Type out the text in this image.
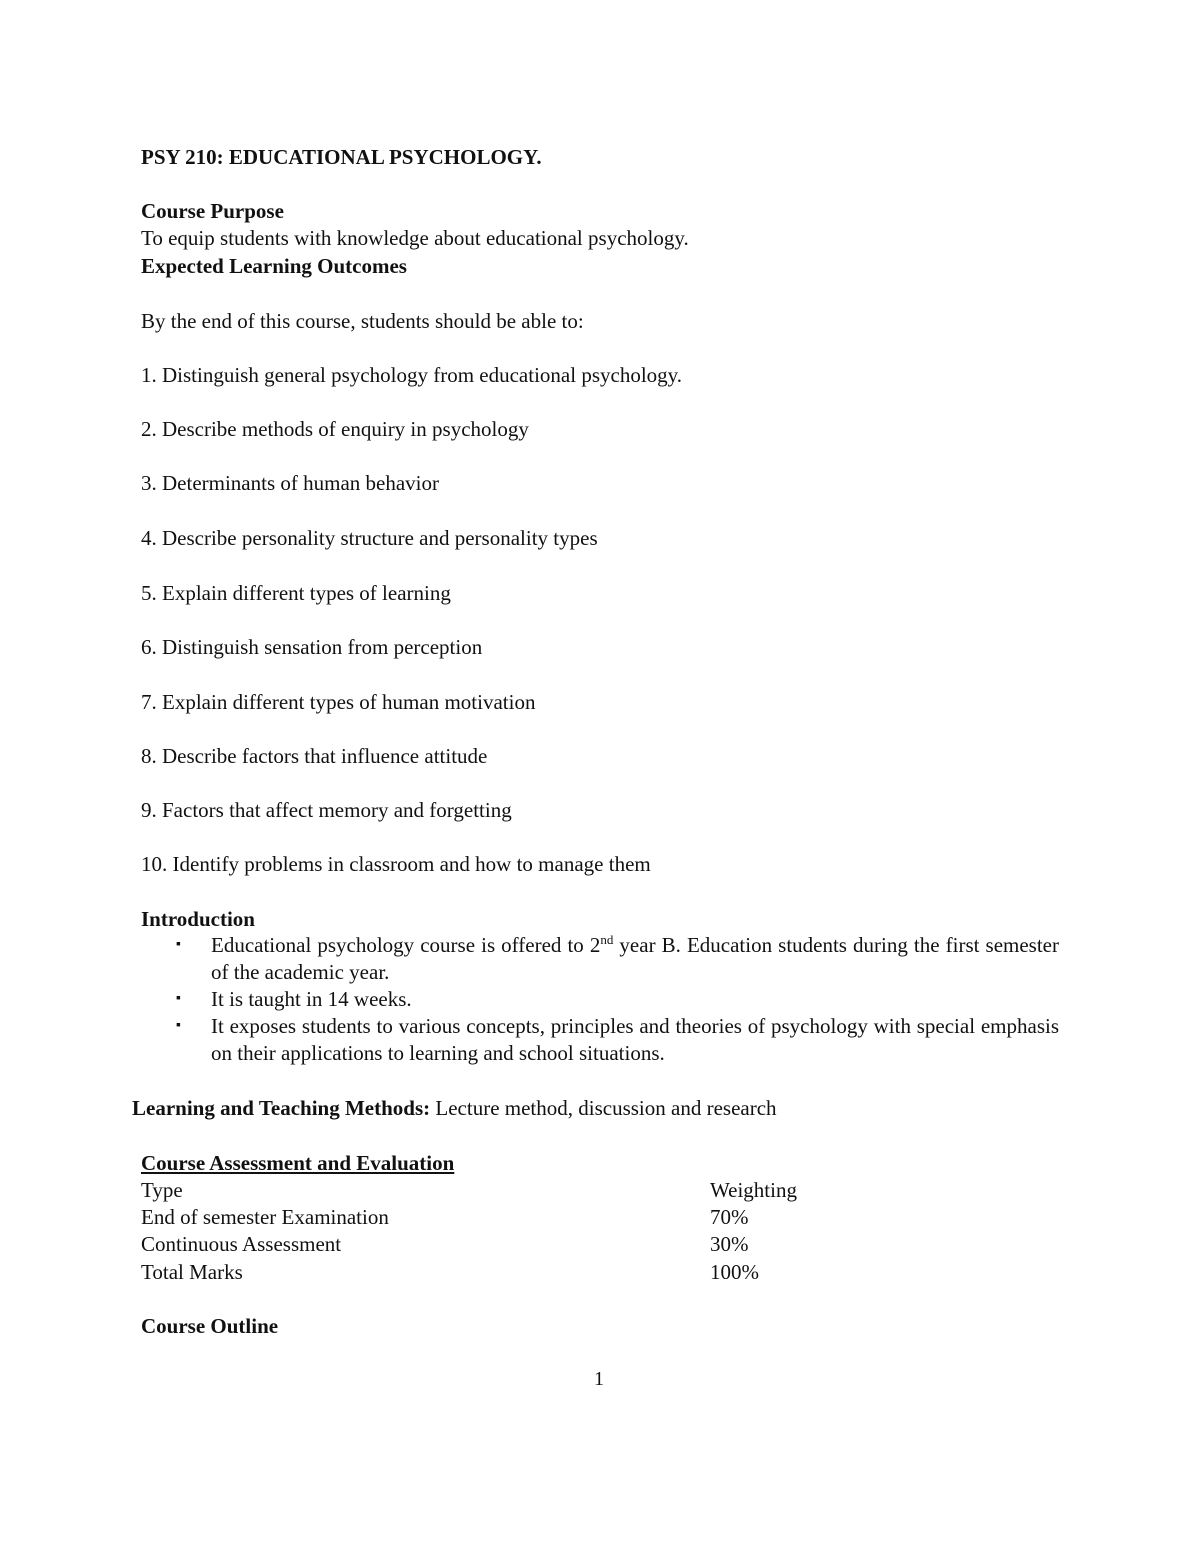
PSY 210: EDUCATIONAL PSYCHOLOGY.
Course Purpose
To equip students with knowledge about educational psychology.
Expected Learning Outcomes
By the end of this course, students should be able to:
1. Distinguish general psychology from educational psychology.
2. Describe methods of enquiry in psychology
3. Determinants of human behavior
4. Describe personality structure and personality types
5. Explain different types of learning
6. Distinguish sensation from perception
7. Explain different types of human motivation
8. Describe factors that influence attitude
9. Factors that affect memory and forgetting
10. Identify problems in classroom and how to manage them
Introduction
▪ Educational psychology course is offered to 2nd year B. Education students during the first semester of the academic year.
▪ It is taught in 14 weeks.
▪ It exposes students to various concepts, principles and theories of psychology with special emphasis on their applications to learning and school situations.
Learning and Teaching Methods: Lecture method, discussion and research
Course Assessment and Evaluation
Type	Weighting
End of semester Examination	70%
Continuous Assessment	30%
Total Marks	100%
Course Outline
1
